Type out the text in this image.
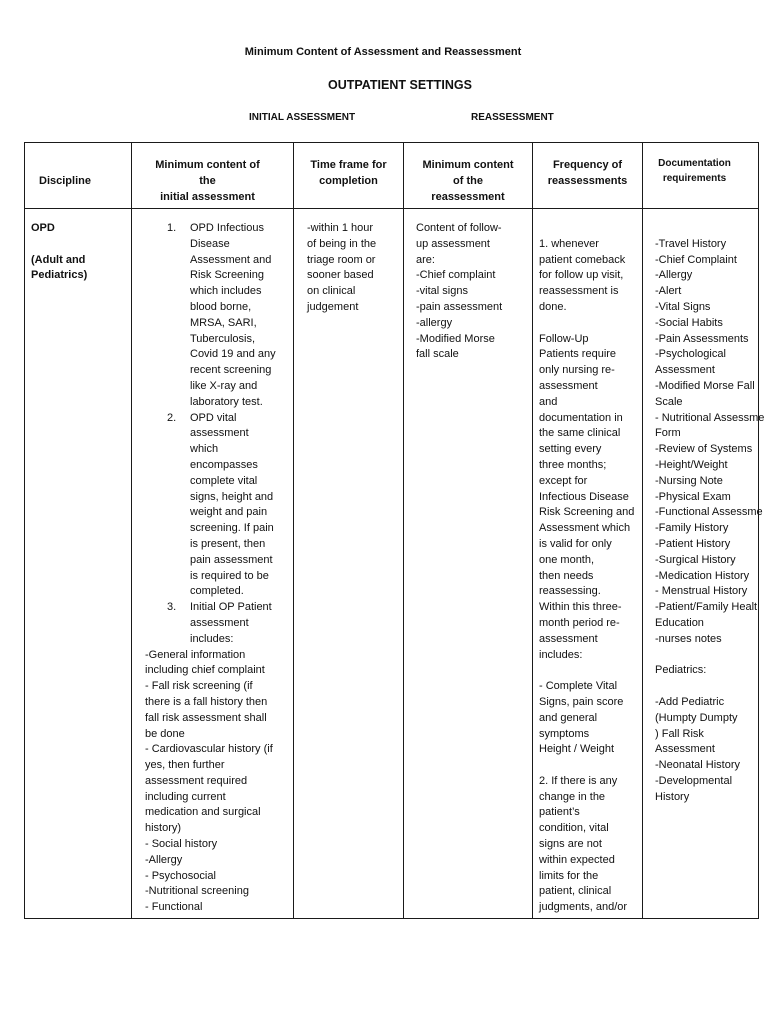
Minimum Content of Assessment and Reassessment
OUTPATIENT SETTINGS
INITIAL ASSESSMENT	REASSESSMENT
Discipline
Minimum content of
the
initial assessment
Time frame for
completion
Minimum content
of the
reassessment
Frequency of
reassessments
Documentation
requirements
OPD
(Adult and
Pediatrics)
1. OPD Infectious
Disease
Assessment and
Risk Screening
which includes
blood borne,
MRSA, SARI,
Tuberculosis,
Covid 19 and any
recent screening
like X-ray and
laboratory test.
2. OPD vital
assessment
which
encompasses
complete vital
signs, height and
weight and pain
screening. If pain
is present, then
pain assessment
is required to be
completed.
3. Initial OP Patient
assessment
includes:
-General information
including chief complaint
- Fall risk screening (if
there is a fall history then
fall risk assessment shall
be done
- Cardiovascular history (if
yes, then further
assessment required
including current
medication and surgical
history)
- Social history
-Allergy
- Psychosocial
-Nutritional screening
- Functional
-within 1 hour
of being in the
triage room or
sooner based
on clinical
judgement
Content of follow-
up assessment
are:
-Chief complaint
-vital signs
-pain assessment
-allergy
-Modified Morse
fall scale
1. whenever
patient comeback
for follow up visit,
reassessment is
done.
Follow-Up
Patients require
only nursing re-
assessment
and
documentation in
the same clinical
setting every
three months;
except for
Infectious Disease
Risk Screening and
Assessment which
is valid for only
one month,
then needs
reassessing.
Within this three-
month period re-
assessment
includes:
- Complete Vital
Signs, pain score
and general
symptoms
Height / Weight
2. If there is any
change in the
patient’s
condition, vital
signs are not
within expected
limits for the
patient, clinical
judgments, and/or
-Travel History
-Chief Complaint
-Allergy
-Alert
-Vital Signs
-Social Habits
-Pain Assessments
-Psychological
Assessment
-Modified Morse Fall
Scale
- Nutritional Assessme
Form
-Review of Systems
-Height/Weight
-Nursing Note
-Physical Exam
-Functional Assessme
-Family History
-Patient History
-Surgical History
-Medication History
- Menstrual History
-Patient/Family Healt
Education
-nurses notes
Pediatrics:
-Add Pediatric
(Humpty Dumpty
) Fall Risk
Assessment
-Neonatal History
-Developmental
History
